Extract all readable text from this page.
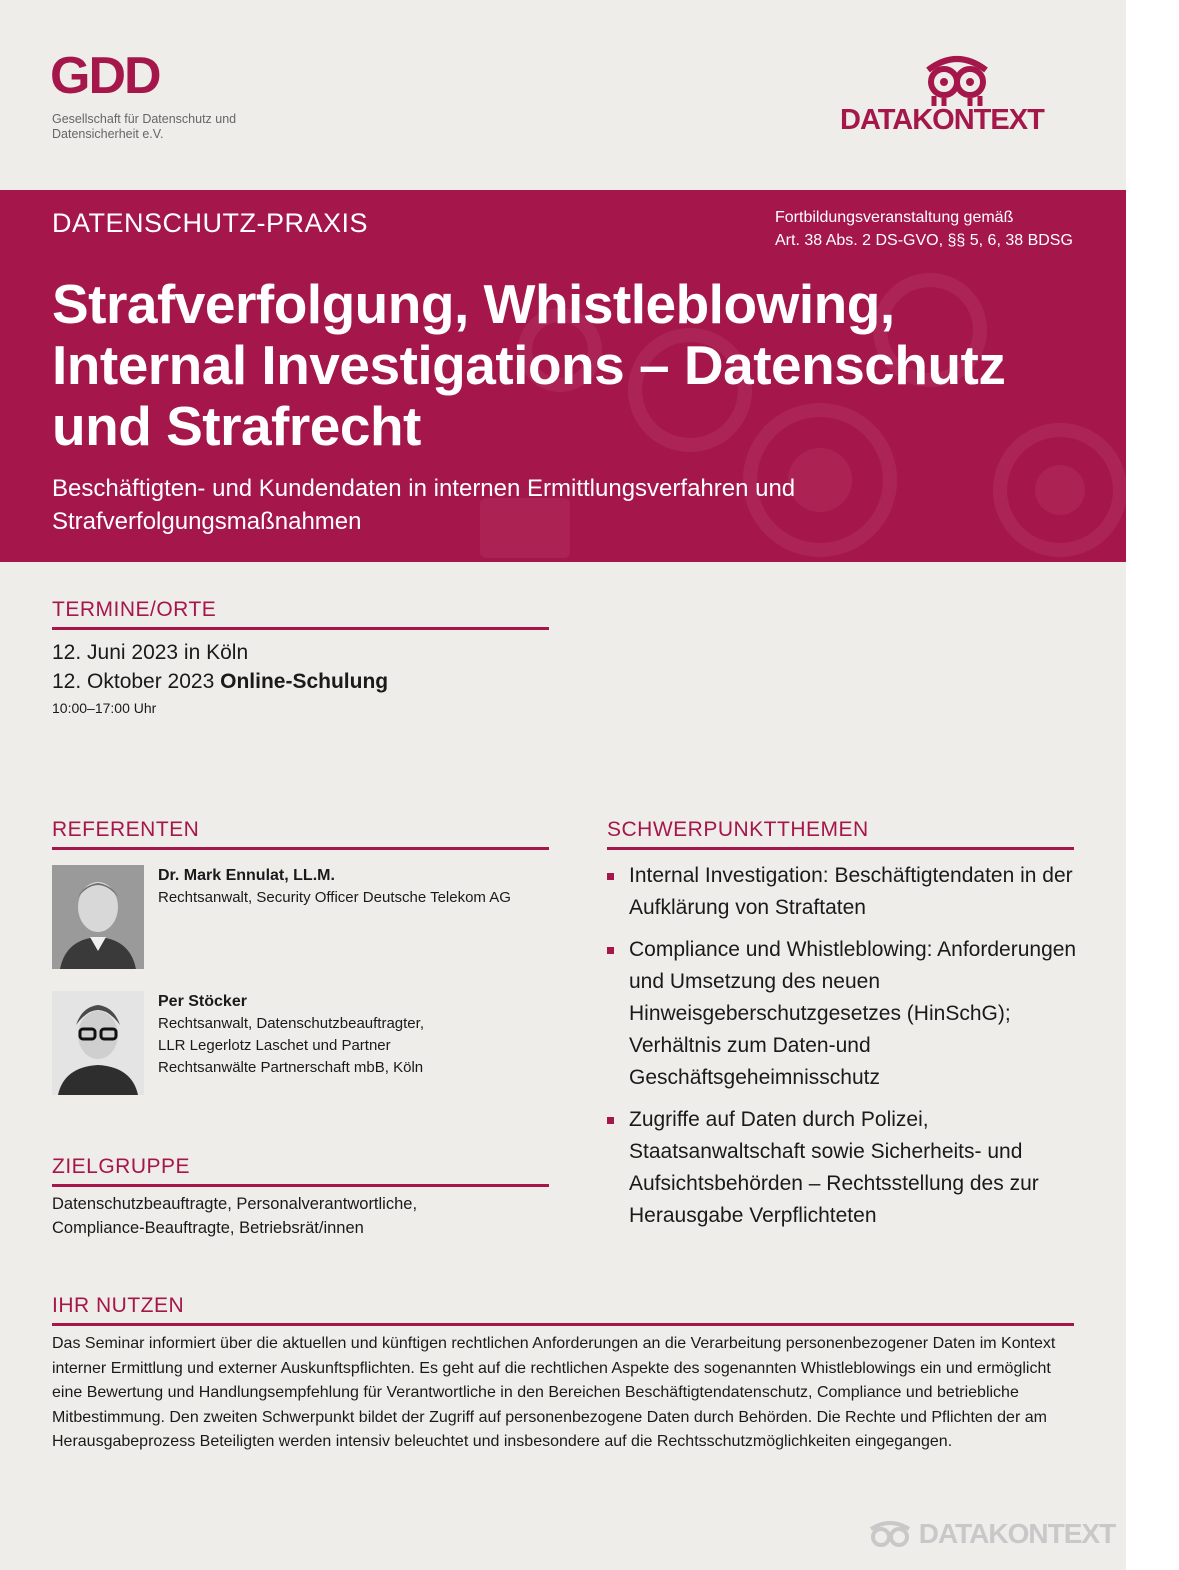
GDD
Gesellschaft für Datenschutz und Datensicherheit e.V.	DATAKONTEXT
DATENSCHUTZ-PRAXIS	Fortbildungsveranstaltung gemäß
Art. 38 Abs. 2 DS-GVO, §§ 5, 6, 38 BDSG
Strafverfolgung, Whistleblowing, Internal Investigations – Datenschutz und Strafrecht
Beschäftigten- und Kundendaten in internen Ermittlungsverfahren und Strafverfolgungsmaßnahmen
TERMINE/ORTE
12. Juni 2023 in Köln
12. Oktober 2023 Online-Schulung
10:00–17:00 Uhr
REFERENTEN
Dr. Mark Ennulat, LL.M.
Rechtsanwalt, Security Officer Deutsche Telekom AG
Per Stöcker
Rechtsanwalt, Datenschutzbeauftragter,
LLR Legerlotz Laschet und Partner
Rechtsanwälte Partnerschaft mbB, Köln
ZIELGRUPPE
Datenschutzbeauftragte, Personalverantwortliche,
Compliance-Beauftragte, Betriebsrät/innen
SCHWERPUNKTTHEMEN
Internal Investigation: Beschäftigtendaten in der Aufklärung von Straftaten
Compliance und Whistleblowing: Anforderungen und Umsetzung des neuen Hinweisgeberschutzgesetzes (HinSchG); Verhältnis zum Daten-und Geschäftsgeheimnisschutz
Zugriffe auf Daten durch Polizei, Staatsanwaltschaft sowie Sicherheits- und Aufsichtsbehörden – Rechtsstellung des zur Herausgabe Verpflichteten
IHR NUTZEN
Das Seminar informiert über die aktuellen und künftigen rechtlichen Anforderungen an die Verarbeitung personenbezogener Daten im Kontext interner Ermittlung und externer Auskunftspflichten. Es geht auf die rechtlichen Aspekte des sogenannten Whistleblowings ein und ermöglicht eine Bewertung und Handlungsempfehlung für Verantwortliche in den Bereichen Beschäftigtendatenschutz, Compliance und betriebliche Mitbestimmung. Den zweiten Schwerpunkt bildet der Zugriff auf personenbezogene Daten durch Behörden. Die Rechte und Pflichten der am Herausgabeprozess Beteiligten werden intensiv beleuchtet und insbesondere auf die Rechtsschutzmöglichkeiten eingegangen.
DATAKONTEXT
